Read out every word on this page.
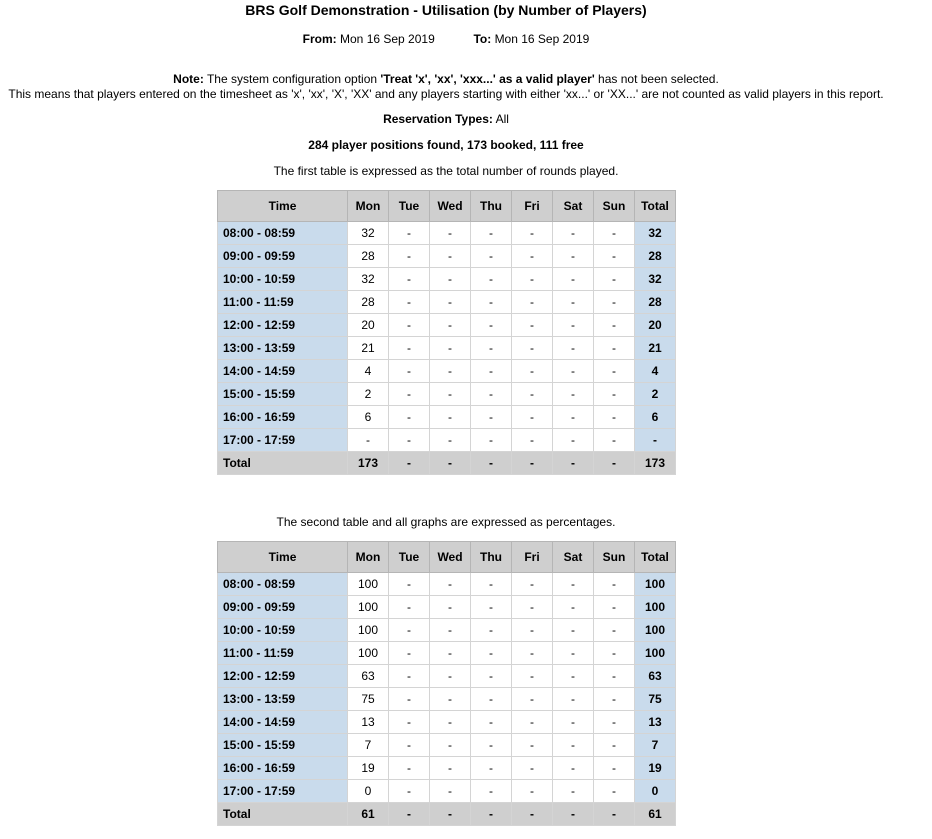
BRS Golf Demonstration - Utilisation (by Number of Players)
From: Mon 16 Sep 2019	To: Mon 16 Sep 2019
Note: The system configuration option 'Treat 'x', 'xx', 'xxx...' as a valid player' has not been selected.
This means that players entered on the timesheet as 'x', 'xx', 'X', 'XX' and any players starting with either 'xx...' or 'XX...' are not counted as valid players in this report.
Reservation Types: All
284 player positions found, 173 booked, 111 free
The first table is expressed as the total number of rounds played.
Time	Mon	Tue	Wed	Thu	Fri	Sat	Sun	Total
08:00 - 08:59	32	-	-	-	-	-	-	32
09:00 - 09:59	28	-	-	-	-	-	-	28
10:00 - 10:59	32	-	-	-	-	-	-	32
11:00 - 11:59	28	-	-	-	-	-	-	28
12:00 - 12:59	20	-	-	-	-	-	-	20
13:00 - 13:59	21	-	-	-	-	-	-	21
14:00 - 14:59	4	-	-	-	-	-	-	4
15:00 - 15:59	2	-	-	-	-	-	-	2
16:00 - 16:59	6	-	-	-	-	-	-	6
17:00 - 17:59	-	-	-	-	-	-	-	-
Total	173	-	-	-	-	-	-	173
The second table and all graphs are expressed as percentages.
Time	Mon	Tue	Wed	Thu	Fri	Sat	Sun	Total
08:00 - 08:59	100	-	-	-	-	-	-	100
09:00 - 09:59	100	-	-	-	-	-	-	100
10:00 - 10:59	100	-	-	-	-	-	-	100
11:00 - 11:59	100	-	-	-	-	-	-	100
12:00 - 12:59	63	-	-	-	-	-	-	63
13:00 - 13:59	75	-	-	-	-	-	-	75
14:00 - 14:59	13	-	-	-	-	-	-	13
15:00 - 15:59	7	-	-	-	-	-	-	7
16:00 - 16:59	19	-	-	-	-	-	-	19
17:00 - 17:59	0	-	-	-	-	-	-	0
Total	61	-	-	-	-	-	-	61
